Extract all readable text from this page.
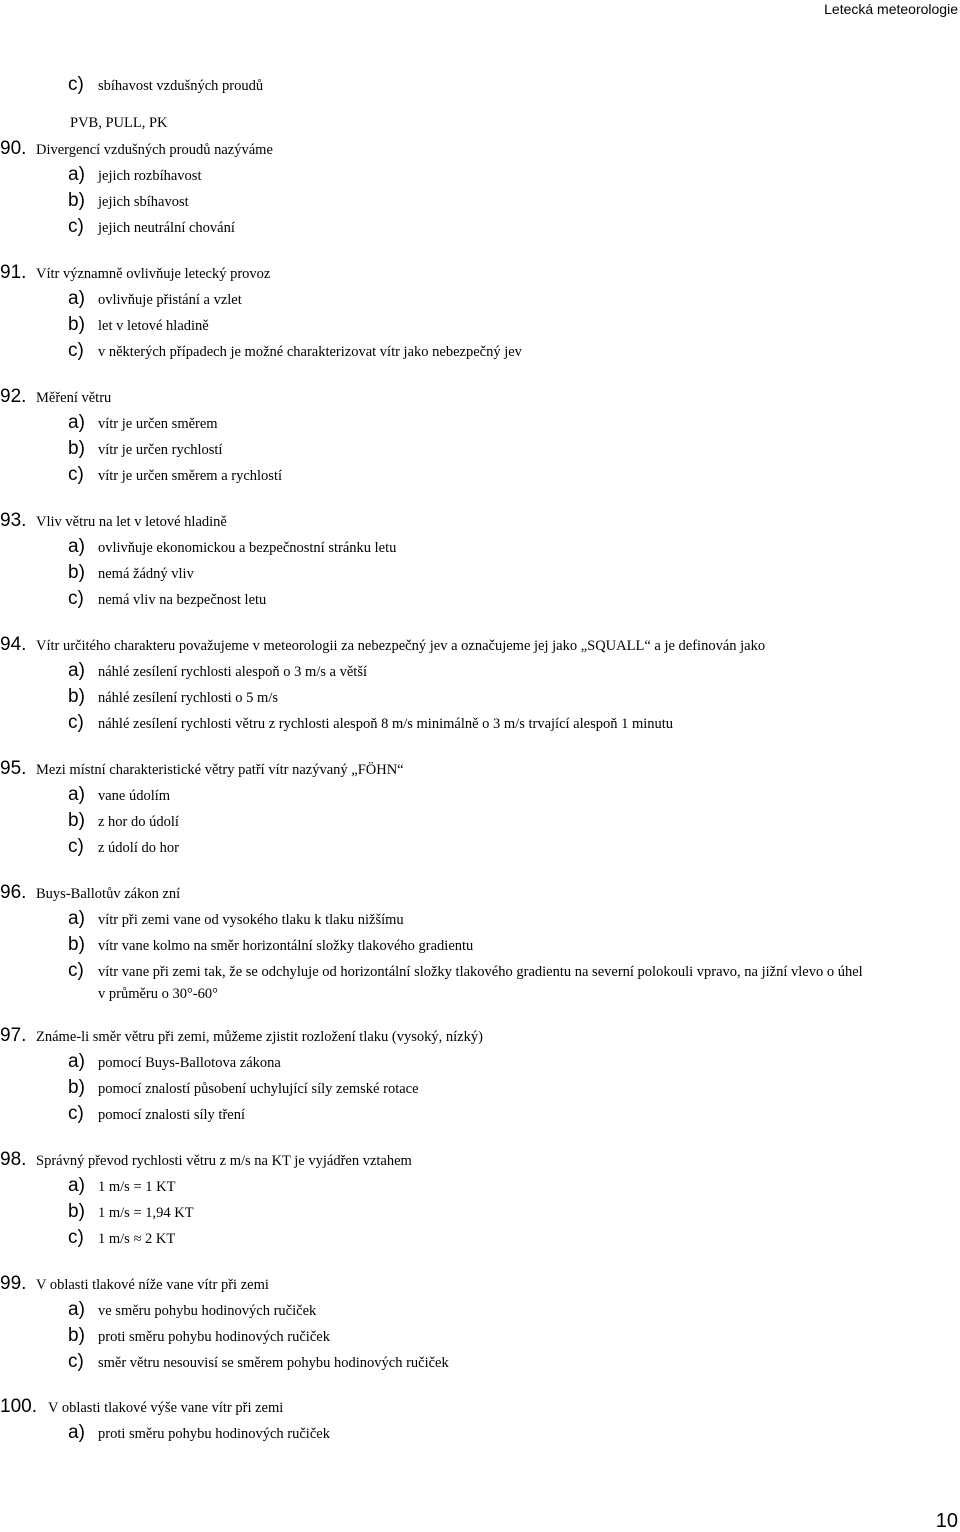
Letecká meteorologie
c) sbíhavost vzdušných proudů
PVB, PULL, PK
90. Divergencí vzdušných proudů nazýváme
a) jejich rozbíhavost
b) jejich sbíhavost
c) jejich neutrální chování
91. Vítr významně ovlivňuje letecký provoz
a) ovlivňuje přistání a vzlet
b) let v letové hladině
c) v některých případech je možné charakterizovat vítr jako nebezpečný jev
92. Měření větru
a) vítr je určen směrem
b) vítr je určen rychlostí
c) vítr je určen směrem a rychlostí
93. Vliv větru na let v letové hladině
a) ovlivňuje ekonomickou a bezpečnostní stránku letu
b) nemá žádný vliv
c) nemá vliv na bezpečnost letu
94. Vítr určitého charakteru považujeme v meteorologii za nebezpečný jev a označujeme jej jako „SQUALL“ a je definován jako
a) náhlé zesílení rychlosti alespoň o 3 m/s a větší
b) náhlé zesílení rychlosti o 5 m/s
c) náhlé zesílení rychlosti větru z rychlosti alespoň 8 m/s minimálně o 3 m/s trvající alespoň 1 minutu
95. Mezi místní charakteristické větry patří vítr nazývaný „FÖHN“
a) vane údolím
b) z hor do údolí
c) z údolí do hor
96. Buys-Ballotův zákon zní
a) vítr při zemi vane od vysokého tlaku k tlaku nižšímu
b) vítr vane kolmo na směr horizontální složky tlakového gradientu
c) vítr vane při zemi tak, že se odchyluje od horizontální složky tlakového gradientu na severní polokouli vpravo, na jižní vlevo o úhel
v průměru o 30°-60°
97. Známe-li směr větru při zemi, můžeme zjistit rozložení tlaku (vysoký, nízký)
a) pomocí Buys-Ballotova zákona
b) pomocí znalostí působení uchylující síly zemské rotace
c) pomocí znalosti síly tření
98. Správný převod rychlosti větru z m/s na KT je vyjádřen vztahem
a) 1 m/s = 1 KT
b) 1 m/s = 1,94 KT
c) 1 m/s ≈ 2 KT
99. V oblasti tlakové níže vane vítr při zemi
a) ve směru pohybu hodinových ručiček
b) proti směru pohybu hodinových ručiček
c) směr větru nesouvisí se směrem pohybu hodinových ručiček
100. V oblasti tlakové výše vane vítr při zemi
a) proti směru pohybu hodinových ručiček
10
